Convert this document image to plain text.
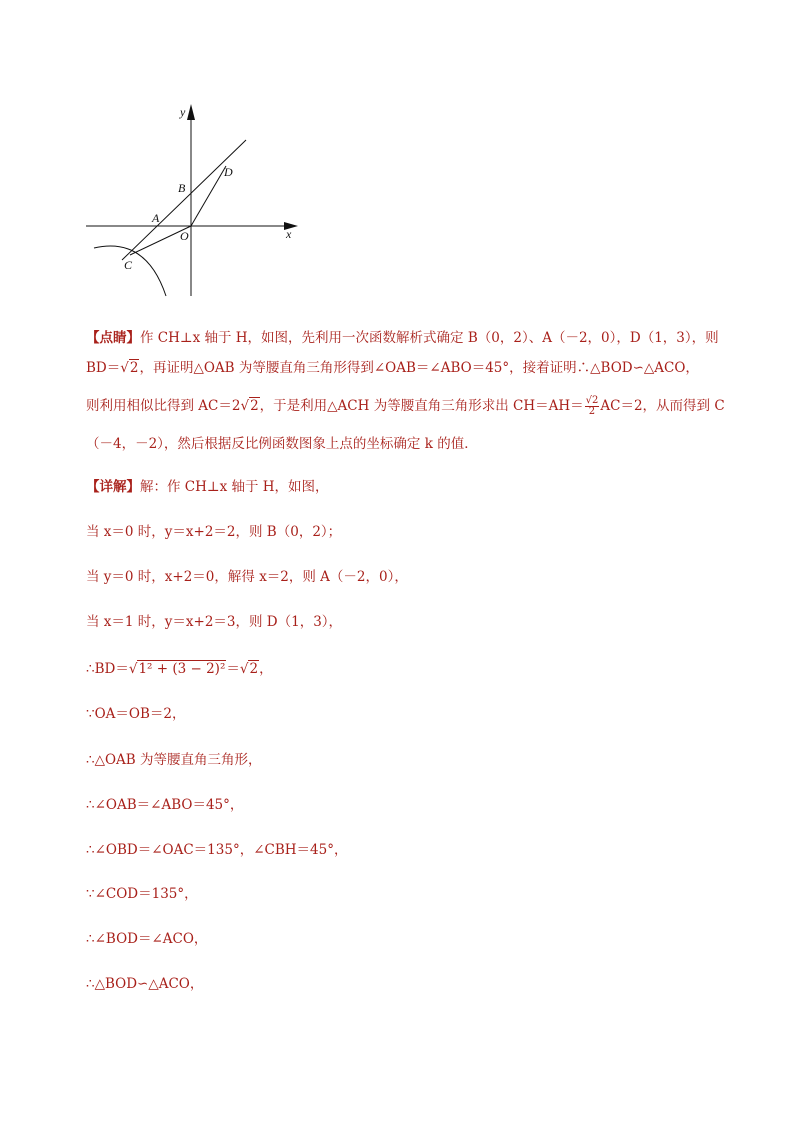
y
x
B
D
A
O
C
【点睛】作 CH⊥x 轴于 H，如图，先利用一次函数解析式确定 B（0，2）、A（－2，0），D（1，3），则
BD＝√2，再证明△OAB 为等腰直角三角形得到∠OAB＝∠ABO＝45°，接着证明∴△BOD∽△ACO，
则利用相似比得到 AC＝2√2，于是利用△ACH 为等腰直角三角形求出 $CH=AH= \frac{√2}{2} AC=2$，从而得到 C
（－4，－2），然后根据反比例函数图象上点的坐标确定 k 的值．
【详解】解：作 CH⊥x 轴于 H，如图，
当 x＝0 时，y＝x+2＝2，则 B（0，2）；
当 y＝0 时，x+2＝0，解得 x＝2，则 A（－2，0），
当 x＝1 时，y＝x+2＝3，则 D（1，3），
∴BD＝√1² + (3 − 2)²＝√2，
∵OA＝OB＝2，
∴△OAB 为等腰直角三角形，
∴∠OAB＝∠ABO＝45°，
∴∠OBD＝∠OAC＝135°，∠CBH＝45°，
∵∠COD＝135°，
∴∠BOD＝∠ACO，
∴△BOD∽△ACO，
